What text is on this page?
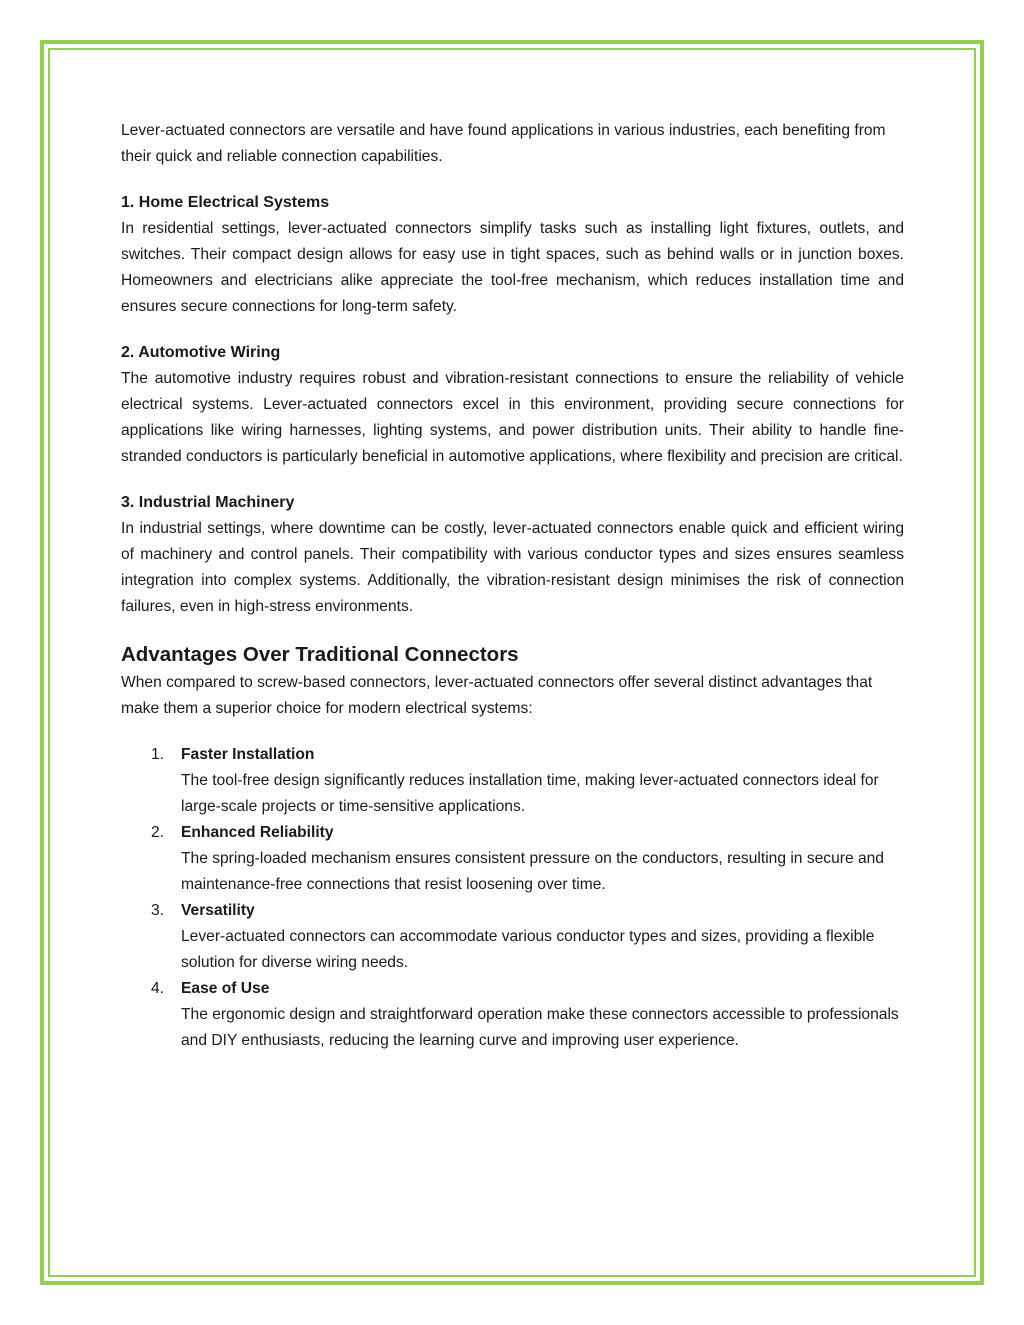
Lever-actuated connectors are versatile and have found applications in various industries, each benefiting from their quick and reliable connection capabilities.

1. Home Electrical Systems

In residential settings, lever-actuated connectors simplify tasks such as installing light fixtures, outlets, and switches. Their compact design allows for easy use in tight spaces, such as behind walls or in junction boxes. Homeowners and electricians alike appreciate the tool-free mechanism, which reduces installation time and ensures secure connections for long-term safety.

2. Automotive Wiring

The automotive industry requires robust and vibration-resistant connections to ensure the reliability of vehicle electrical systems. Lever-actuated connectors excel in this environment, providing secure connections for applications like wiring harnesses, lighting systems, and power distribution units. Their ability to handle fine-stranded conductors is particularly beneficial in automotive applications, where flexibility and precision are critical.

3. Industrial Machinery

In industrial settings, where downtime can be costly, lever-actuated connectors enable quick and efficient wiring of machinery and control panels. Their compatibility with various conductor types and sizes ensures seamless integration into complex systems. Additionally, the vibration-resistant design minimises the risk of connection failures, even in high-stress environments.

Advantages Over Traditional Connectors

When compared to screw-based connectors, lever-actuated connectors offer several distinct advantages that make them a superior choice for modern electrical systems:

1. Faster Installation
The tool-free design significantly reduces installation time, making lever-actuated connectors ideal for large-scale projects or time-sensitive applications.
2. Enhanced Reliability
The spring-loaded mechanism ensures consistent pressure on the conductors, resulting in secure and maintenance-free connections that resist loosening over time.
3. Versatility
Lever-actuated connectors can accommodate various conductor types and sizes, providing a flexible solution for diverse wiring needs.
4. Ease of Use
The ergonomic design and straightforward operation make these connectors accessible to professionals and DIY enthusiasts, reducing the learning curve and improving user experience.
